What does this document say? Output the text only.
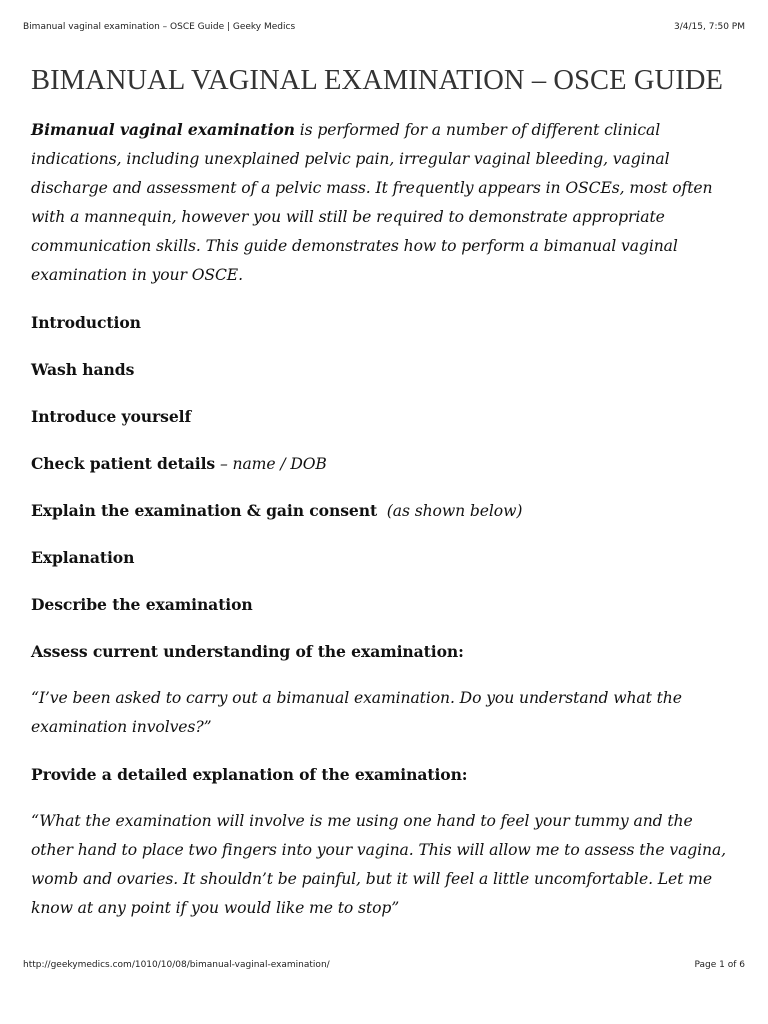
Bimanual vaginal examination – OSCE Guide | Geeky Medics	3/4/15, 7:50 PM
BIMANUAL VAGINAL EXAMINATION – OSCE GUIDE

Bimanual vaginal examination is performed for a number of different clinical indications, including unexplained pelvic pain, irregular vaginal bleeding, vaginal discharge and assessment of a pelvic mass. It frequently appears in OSCEs, most often with a mannequin, however you will still be required to demonstrate appropriate communication skills. This guide demonstrates how to perform a bimanual vaginal examination in your OSCE.

Introduction
Wash hands
Introduce yourself
Check patient details – name / DOB
Explain the examination & gain consent  (as shown below)
Explanation
Describe the examination
Assess current understanding of the examination:
“I’ve been asked to carry out a bimanual examination. Do you understand what the examination involves?”
Provide a detailed explanation of the examination:
“What the examination will involve is me using one hand to feel your tummy and the other hand to place two fingers into your vagina. This will allow me to assess the vagina, womb and ovaries. It shouldn’t be painful, but it will feel a little uncomfortable. Let me know at any point if you would like me to stop”
http://geekymedics.com/1010/10/08/bimanual-vaginal-examination/	Page 1 of 6
